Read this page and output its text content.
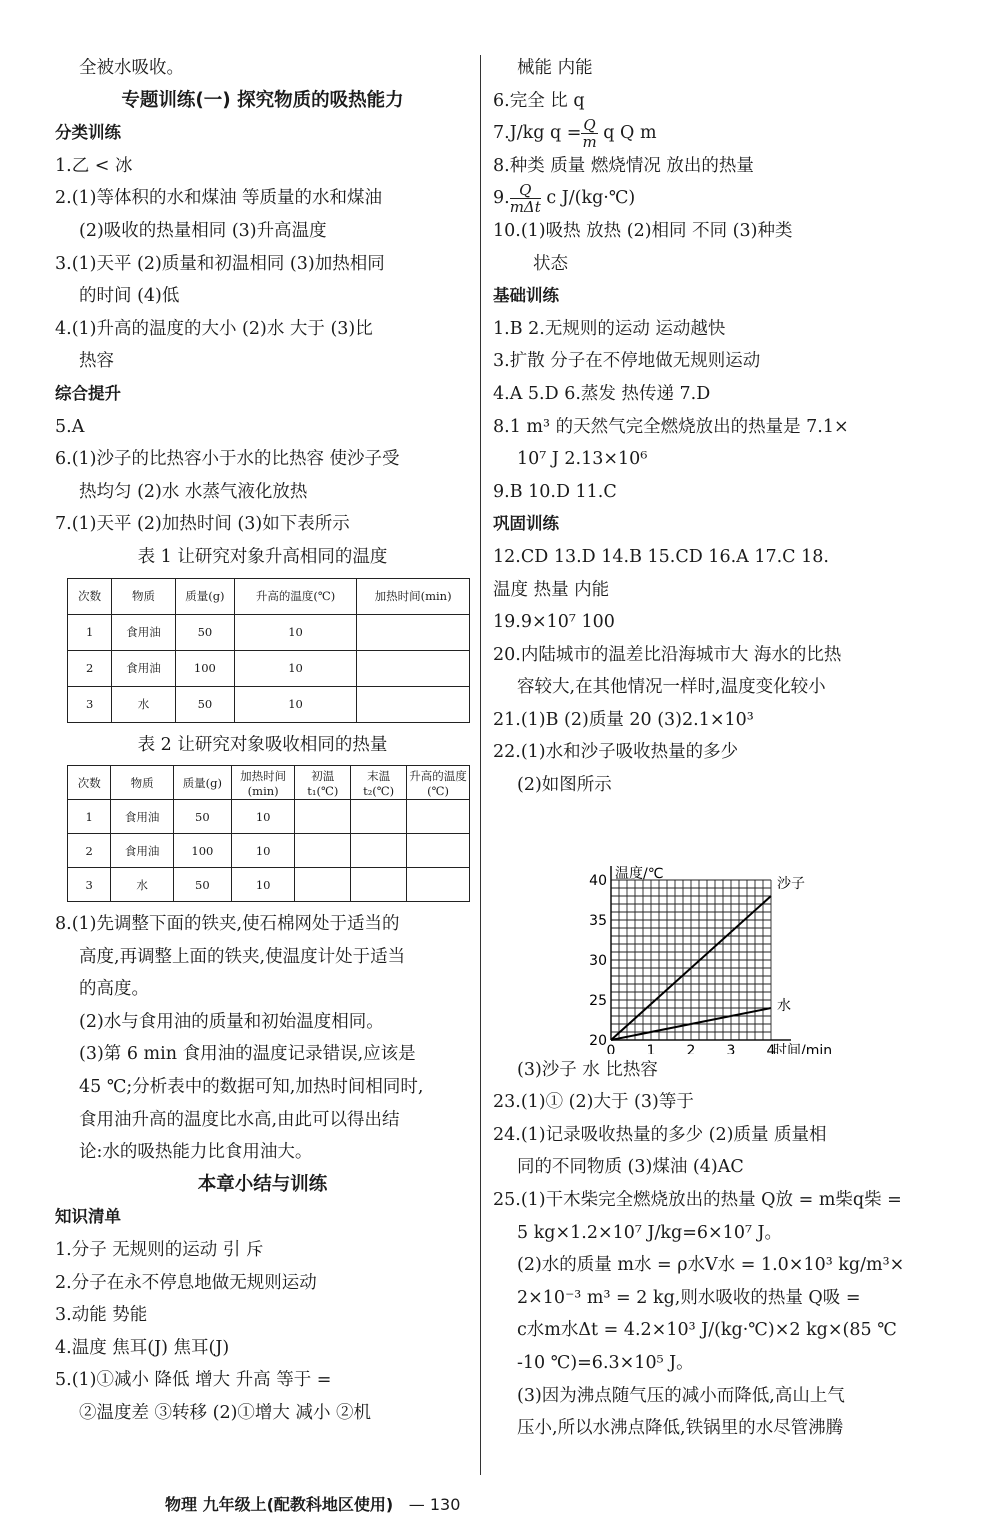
全被水吸收。
专题训练(一) 探究物质的吸热能力
分类训练
1.乙 < 冰
2.(1)等体积的水和煤油 等质量的水和煤油
(2)吸收的热量相同 (3)升高温度
3.(1)天平 (2)质量和初温相同 (3)加热相同
的时间 (4)低
4.(1)升高的温度的大小 (2)水 大于 (3)比
热容
综合提升
5.A
6.(1)沙子的比热容小于水的比热容 使沙子受
热均匀 (2)水 水蒸气液化放热
7.(1)天平 (2)加热时间 (3)如下表所示
表 1 让研究对象升高相同的温度
次数	物质	质量(g)	升高的温度(℃)	加热时间(min)
1	食用油	50	10	
2	食用油	100	10	
3	水	50	10	
表 2 让研究对象吸收相同的热量
次数	物质	质量(g)	加热时间(min)	初温 t₁(℃)	末温 t₂(℃)	升高的温度(℃)
1	食用油	50	10			
2	食用油	100	10			
3	水	50	10			
8.(1)先调整下面的铁夹,使石棉网处于适当的
高度,再调整上面的铁夹,使温度计处于适当
的高度。
(2)水与食用油的质量和初始温度相同。
(3)第 6 min 食用油的温度记录错误,应该是
45 ℃;分析表中的数据可知,加热时间相同时,
食用油升高的温度比水高,由此可以得出结
论:水的吸热能力比食用油大。
本章小结与训练
知识清单
1.分子 无规则的运动 引 斥
2.分子在永不停息地做无规则运动
3.动能 势能
4.温度 焦耳(J) 焦耳(J)
5.(1)①减小 降低 增大 升高 等于 =
②温度差 ③转移 (2)①增大 减小 ②机
械能 内能
6.完全 比 q
7.J/kg $q = \frac{Q}{m}$ q Q m
8.种类 质量 燃烧情况 放出的热量
9. $\frac{Q}{\text{mΔt}}$ c J/(kg·℃)
10.(1)吸热 放热 (2)相同 不同 (3)种类
状态
基础训练
1.B 2.无规则的运动 运动越快
3.扩散 分子在不停地做无规则运动
4.A 5.D 6.蒸发 热传递 7.D
8.1 m³ 的天然气完全燃烧放出的热量是 7.1×
10⁷ J 2.13×10⁶
9.B 10.D 11.C
巩固训练
12.CD 13.D 14.B 15.CD 16.A 17.C 18.
温度 热量 内能
19.9×10⁷ 100
20.内陆城市的温差比沿海城市大 海水的比热
容较大,在其他情况一样时,温度变化较小
21.(1)B (2)质量 20 (3)2.1×10³
22.(1)水和沙子吸收热量的多少
(2)如图所示
0 1 2 3 4
20
25
30
35
40
时间/min
温度/℃
沙子
水
(3)沙子 水 比热容
23.(1)① (2)大于 (3)等于
24.(1)记录吸收热量的多少 (2)质量 质量相
同的不同物质 (3)煤油 (4)AC
25.(1)干木柴完全燃烧放出的热量 Q放 = m柴q柴 =
5 kg×1.2×10⁷ J/kg=6×10⁷ J。
(2)水的质量 m水 = ρ水V水 = 1.0×10³ kg/m³×
2×10⁻³ m³ = 2 kg,则水吸收的热量 Q吸 =
c水m水Δt = 4.2×10³ J/(kg·℃)×2 kg×(85 ℃
-10 ℃)=6.3×10⁵ J。
(3)因为沸点随气压的减小而降低,高山上气
压小,所以水沸点降低,铁锅里的水尽管沸腾
物理 九年级上(配教科地区使用) — 130
